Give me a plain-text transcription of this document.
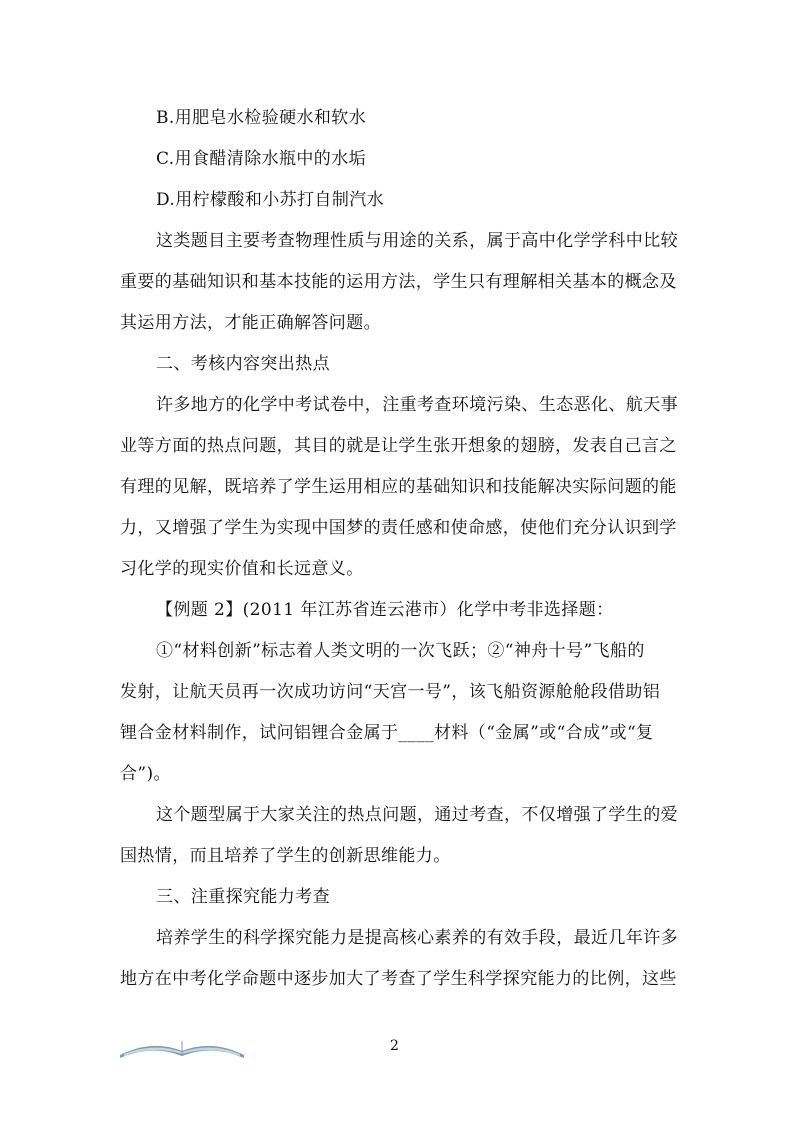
B.用肥皂水检验硬水和软水
C.用食醋清除水瓶中的水垢
D.用柠檬酸和小苏打自制汽水
这类题目主要考查物理性质与用途的关系，属于高中化学学科中比较
重要的基础知识和基本技能的运用方法，学生只有理解相关基本的概念及
其运用方法，才能正确解答问题。
二、考核内容突出热点
许多地方的化学中考试卷中，注重考查环境污染、生态恶化、航天事
业等方面的热点问题，其目的就是让学生张开想象的翅膀，发表自己言之
有理的见解，既培养了学生运用相应的基础知识和技能解决实际问题的能
力，又增强了学生为实现中国梦的责任感和使命感，使他们充分认识到学
习化学的现实价值和长远意义。
【例题 2】(2011 年江苏省连云港市）化学中考非选择题：
①“材料创新”标志着人类文明的一次飞跃；②“神舟十号”飞船的
发射，让航天员再一次成功访问“天宫一号”，该飞船资源舱舱段借助铝
锂合金材料制作，试问铝锂合金属于____材料（“金属”或“合成”或“复
合”)。
这个题型属于大家关注的热点问题，通过考查，不仅增强了学生的爱
国热情，而且培养了学生的创新思维能力。
三、注重探究能力考查
培养学生的科学探究能力是提高核心素养的有效手段，最近几年许多
地方在中考化学命题中逐步加大了考查了学生科学探究能力的比例，这些
2
